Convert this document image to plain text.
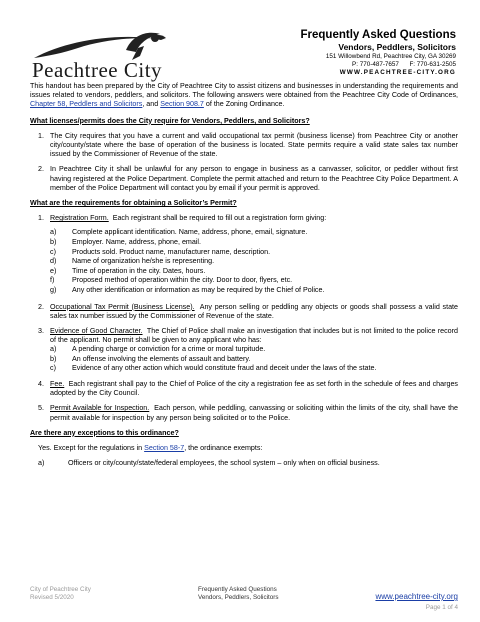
Peachtree City
Frequently Asked Questions
Vendors, Peddlers, Solicitors
151 Willowbend Rd, Peachtree City, GA 30269
P: 770-487-7657 F: 770-631-2505
WWW.PEACHTREE-CITY.ORG

This handout has been prepared by the City of Peachtree City to assist citizens and businesses in understanding the requirements and issues related to vendors, peddlers, and solicitors. The following answers were obtained from the Peachtree City Code of Ordinances, Chapter 58, Peddlers and Solicitors, and Section 908.7 of the Zoning Ordinance.

What licenses/permits does the City require for Vendors, Peddlers, and Solicitors?
1. The City requires that you have a current and valid occupational tax permit (business license) from Peachtree City or another city/county/state where the base of operation of the business is located. State permits require a valid state sales tax number issued by the Commissioner of Revenue of the state.
2. In Peachtree City it shall be unlawful for any person to engage in business as a canvasser, solicitor, or peddler without first having registered at the Police Department. Complete the permit attached and return to the Peachtree City Police Department. A member of the Police Department will contact you by email if your permit is approved.
What are the requirements for obtaining a Solicitor’s Permit?
1. Registration Form. Each registrant shall be required to fill out a registration form giving:
a)	Complete applicant identification. Name, address, phone, email, signature.
b)	Employer. Name, address, phone, email.
c)	Products sold. Product name, manufacturer name, description.
d)	Name of organization he/she is representing.
e)	Time of operation in the city. Dates, hours.
f)	Proposed method of operation within the city. Door to door, flyers, etc.
g)	Any other identification or information as may be required by the Chief of Police.
2. Occupational Tax Permit (Business License). Any person selling or peddling any objects or goods shall possess a valid state sales tax number issued by the Commissioner of Revenue of the state.
3. Evidence of Good Character. The Chief of Police shall make an investigation that includes but is not limited to the police record of the applicant. No permit shall be given to any applicant who has:
a)	A pending charge or conviction for a crime or moral turpitude.
b)	An offense involving the elements of assault and battery.
c)	Evidence of any other action which would constitute fraud and deceit under the laws of the state.
4. Fee. Each registrant shall pay to the Chief of Police of the city a registration fee as set forth in the schedule of fees and charges adopted by the City Council.
5. Permit Available for Inspection. Each person, while peddling, canvassing or soliciting within the limits of the city, shall have the permit available for inspection by any person being solicited or to the Police.
Are there any exceptions to this ordinance?

Yes. Except for the regulations in Section 58-7, the ordinance exempts:

a)	Officers or city/county/state/federal employees, the school system – only when on official business.
City of Peachtree City
Revised 5/2020
Frequently Asked Questions
Vendors, Peddlers, Solicitors	www.peachtree-city.org
Page 1 of 4
